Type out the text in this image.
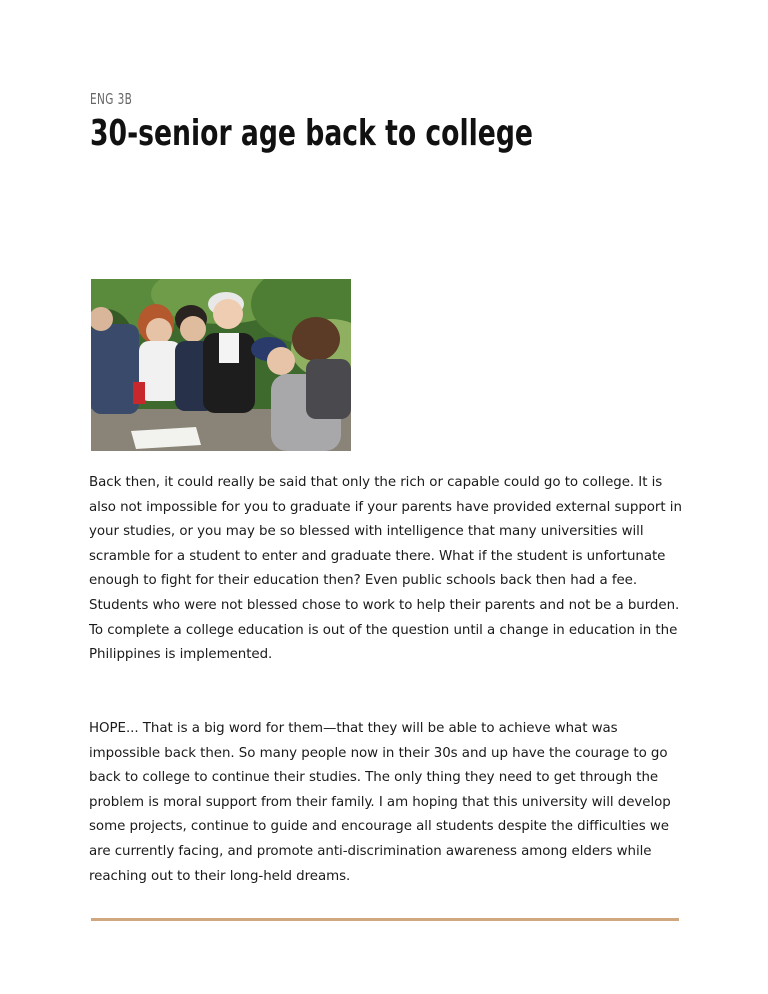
ENG 3B
30-senior age back to college

Back then, it could really be said that only the rich or capable could go to college. It is also not impossible for you to graduate if your parents have provided external support in your studies, or you may be so blessed with intelligence that many universities will scramble for a student to enter and graduate there. What if the student is unfortunate enough to fight for their education then? Even public schools back then had a fee. Students who were not blessed chose to work to help their parents and not be a burden. To complete a college education is out of the question until a change in education in the Philippines is implemented.

HOPE... That is a big word for them—that they will be able to achieve what was impossible back then. So many people now in their 30s and up have the courage to go back to college to continue their studies. The only thing they need to get through the problem is moral support from their family. I am hoping that this university will develop some projects, continue to guide and encourage all students despite the difficulties we are currently facing, and promote anti-discrimination awareness among elders while reaching out to their long-held dreams.
